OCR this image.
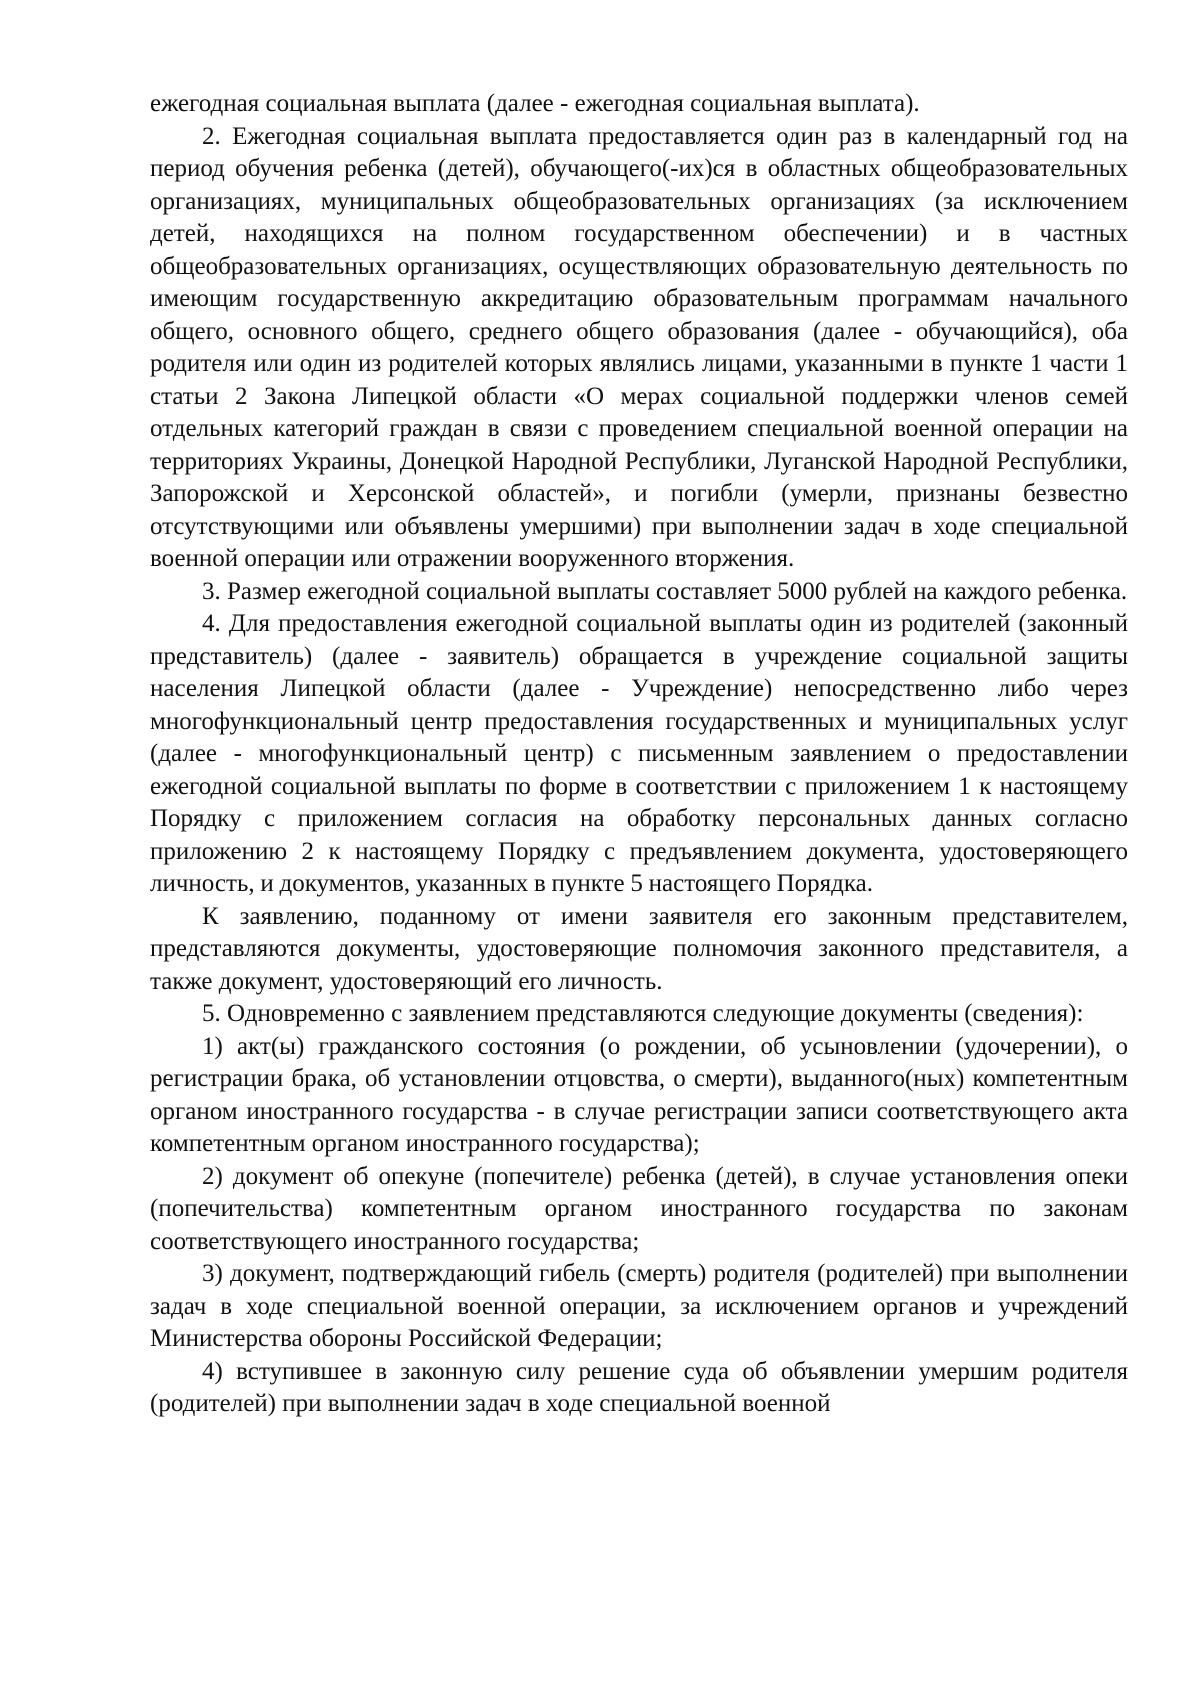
ежегодная социальная выплата (далее - ежегодная социальная выплата).

2. Ежегодная социальная выплата предоставляется один раз в календарный год на период обучения ребенка (детей), обучающего(-их)ся в областных общеобразовательных организациях, муниципальных общеобразовательных организациях (за исключением детей, находящихся на полном государственном обеспечении) и в частных общеобразовательных организациях, осуществляющих образовательную деятельность по имеющим государственную аккредитацию образовательным программам начального общего, основного общего, среднего общего образования (далее - обучающийся), оба родителя или один из родителей которых являлись лицами, указанными в пункте 1 части 1 статьи 2 Закона Липецкой области «О мерах социальной поддержки членов семей отдельных категорий граждан в связи с проведением специальной военной операции на территориях Украины, Донецкой Народной Республики, Луганской Народной Республики, Запорожской и Херсонской областей», и погибли (умерли, признаны безвестно отсутствующими или объявлены умершими) при выполнении задач в ходе специальной военной операции или отражении вооруженного вторжения.

3. Размер ежегодной социальной выплаты составляет 5000 рублей на каждого ребенка.

4. Для предоставления ежегодной социальной выплаты один из родителей (законный представитель) (далее - заявитель) обращается в учреждение социальной защиты населения Липецкой области (далее - Учреждение) непосредственно либо через многофункциональный центр предоставления государственных и муниципальных услуг (далее - многофункциональный центр) с письменным заявлением о предоставлении ежегодной социальной выплаты по форме в соответствии с приложением 1 к настоящему Порядку с приложением согласия на обработку персональных данных согласно приложению 2 к настоящему Порядку с предъявлением документа, удостоверяющего личность, и документов, указанных в пункте 5 настоящего Порядка.

К заявлению, поданному от имени заявителя его законным представителем, представляются документы, удостоверяющие полномочия законного представителя, а также документ, удостоверяющий его личность.

5. Одновременно с заявлением представляются следующие документы (сведения):

1) акт(ы) гражданского состояния (о рождении, об усыновлении (удочерении), о регистрации брака, об установлении отцовства, о смерти), выданного(ных) компетентным органом иностранного государства - в случае регистрации записи соответствующего акта компетентным органом иностранного государства);

2) документ об опекуне (попечителе) ребенка (детей), в случае установления опеки (попечительства) компетентным органом иностранного государства по законам соответствующего иностранного государства;

3) документ, подтверждающий гибель (смерть) родителя (родителей) при выполнении задач в ходе специальной военной операции, за исключением органов и учреждений Министерства обороны Российской Федерации;

4) вступившее в законную силу решение суда об объявлении умершим родителя (родителей) при выполнении задач в ходе специальной военной
